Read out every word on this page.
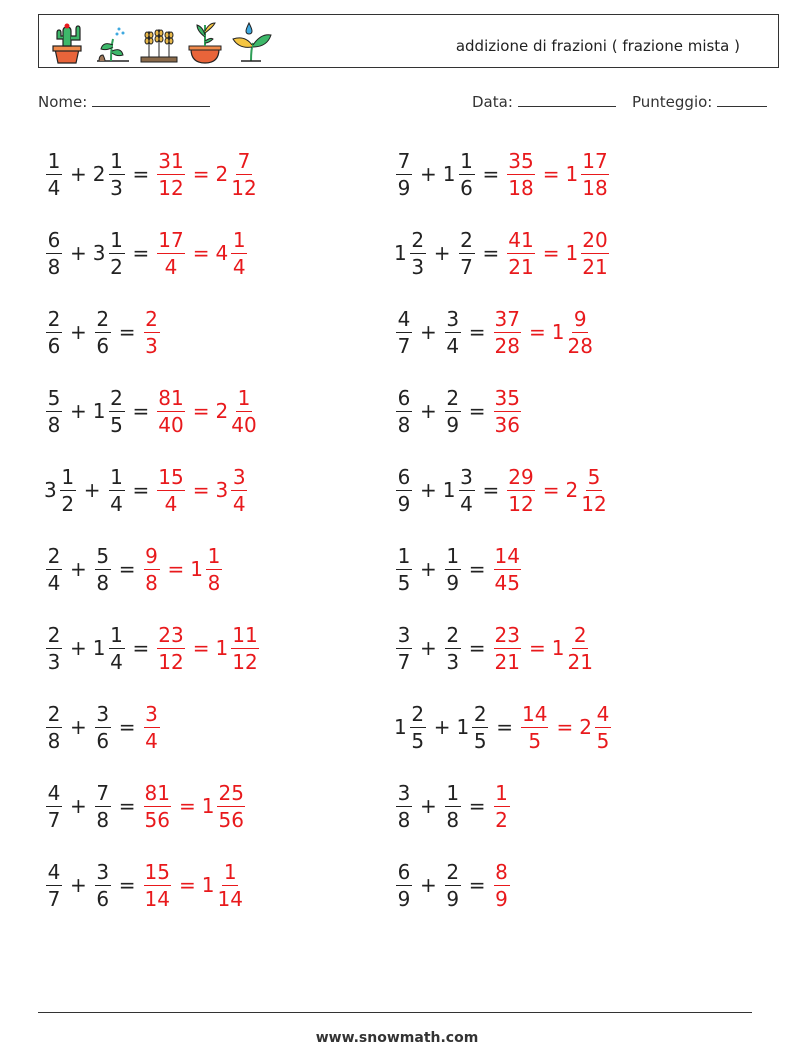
addizione di frazioni ( frazione mista )
Nome:	Data:	Punteggio:
$\frac{1}{4} + 2 \frac{1}{3} = \frac{31}{12} = 2 \frac{7}{12}$	$\frac{7}{9} + 1 \frac{1}{6} = \frac{35}{18} = 1 \frac{17}{18}$
$\frac{6}{8} + 3 \frac{1}{2} = \frac{17}{4} = 4 \frac{1}{4}$	$1 \frac{2}{3} + \frac{2}{7} = \frac{41}{21} = 1 \frac{20}{21}$
$\frac{2}{6} + \frac{2}{6} = \frac{2}{3}$	$\frac{4}{7} + \frac{3}{4} = \frac{37}{28} = 1 \frac{9}{28}$
$\frac{5}{8} + 1 \frac{2}{5} = \frac{81}{40} = 2 \frac{1}{40}$	$\frac{6}{8} + \frac{2}{9} = \frac{35}{36}$
$3 \frac{1}{2} + \frac{1}{4} = \frac{15}{4} = 3 \frac{3}{4}$	$\frac{6}{9} + 1 \frac{3}{4} = \frac{29}{12} = 2 \frac{5}{12}$
$\frac{2}{4} + \frac{5}{8} = \frac{9}{8} = 1 \frac{1}{8}$	$\frac{1}{5} + \frac{1}{9} = \frac{14}{45}$
$\frac{2}{3} + 1 \frac{1}{4} = \frac{23}{12} = 1 \frac{11}{12}$	$\frac{3}{7} + \frac{2}{3} = \frac{23}{21} = 1 \frac{2}{21}$
$\frac{2}{8} + \frac{3}{6} = \frac{3}{4}$	$1 \frac{2}{5} + 1 \frac{2}{5} = \frac{14}{5} = 2 \frac{4}{5}$
$\frac{4}{7} + \frac{7}{8} = \frac{81}{56} = 1 \frac{25}{56}$	$\frac{3}{8} + \frac{1}{8} = \frac{1}{2}$
$\frac{4}{7} + \frac{3}{6} = \frac{15}{14} = 1 \frac{1}{14}$	$\frac{6}{9} + \frac{2}{9} = \frac{8}{9}$
www.snowmath.com
